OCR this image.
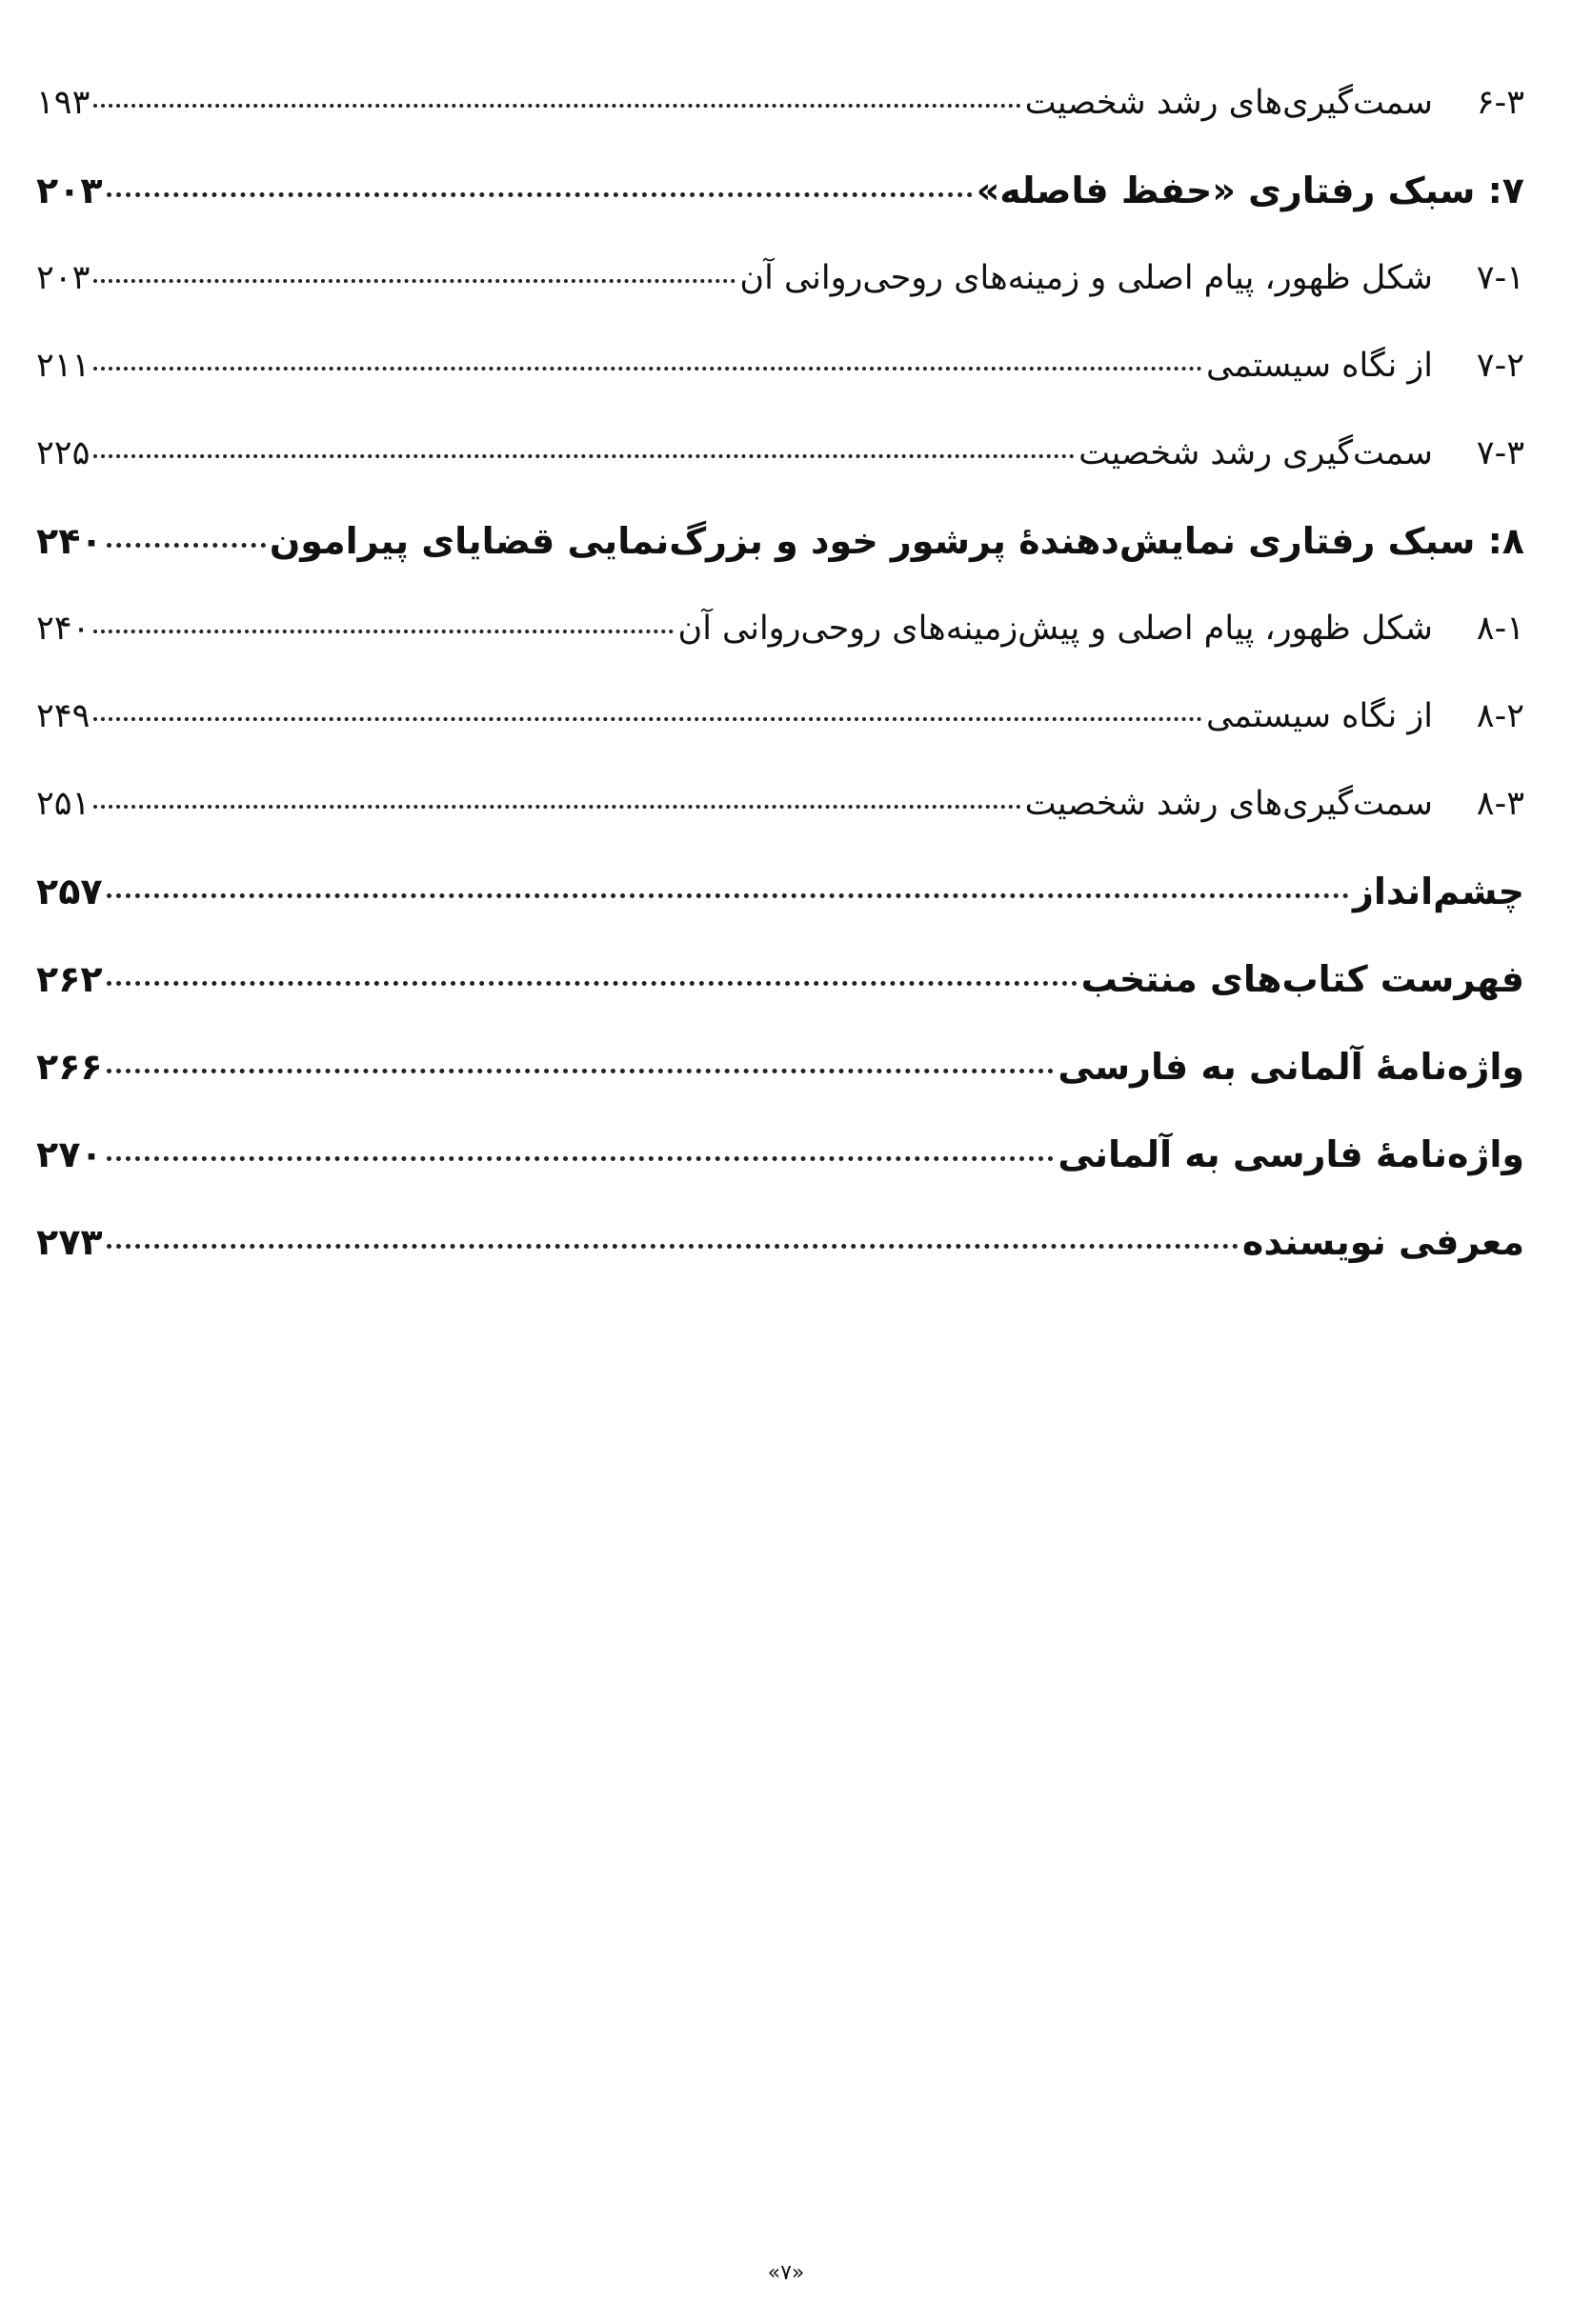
۶-۳
سمت‌گیری‌های رشد شخصیت
۱۹۳
۷: سبک رفتاری «حفظ فاصله»
۲۰۳
۷-۱
شکل ظهور، پیام اصلی و زمینه‌های روحی‌روانی آن
۲۰۳
۷-۲
از نگاه سیستمی
۲۱۱
۷-۳
سمت‌گیری رشد شخصیت
۲۲۵
۸: سبک رفتاری نمایش‌دهندۀ پرشور خود و بزرگ‌نمایی قضایای پیرامون
۲۴۰
۸-۱
شکل ظهور، پیام اصلی و پیش‌زمینه‌های روحی‌روانی آن
۲۴۰
۸-۲
از نگاه سیستمی
۲۴۹
۸-۳
سمت‌گیری‌های رشد شخصیت
۲۵۱
چشم‌انداز
۲۵۷
فهرست کتاب‌های منتخب
۲۶۲
واژه‌نامۀ آلمانی به فارسی
۲۶۶
واژه‌نامۀ فارسی به آلمانی
۲۷۰
معرفی نویسنده
۲۷۳
«۷»
